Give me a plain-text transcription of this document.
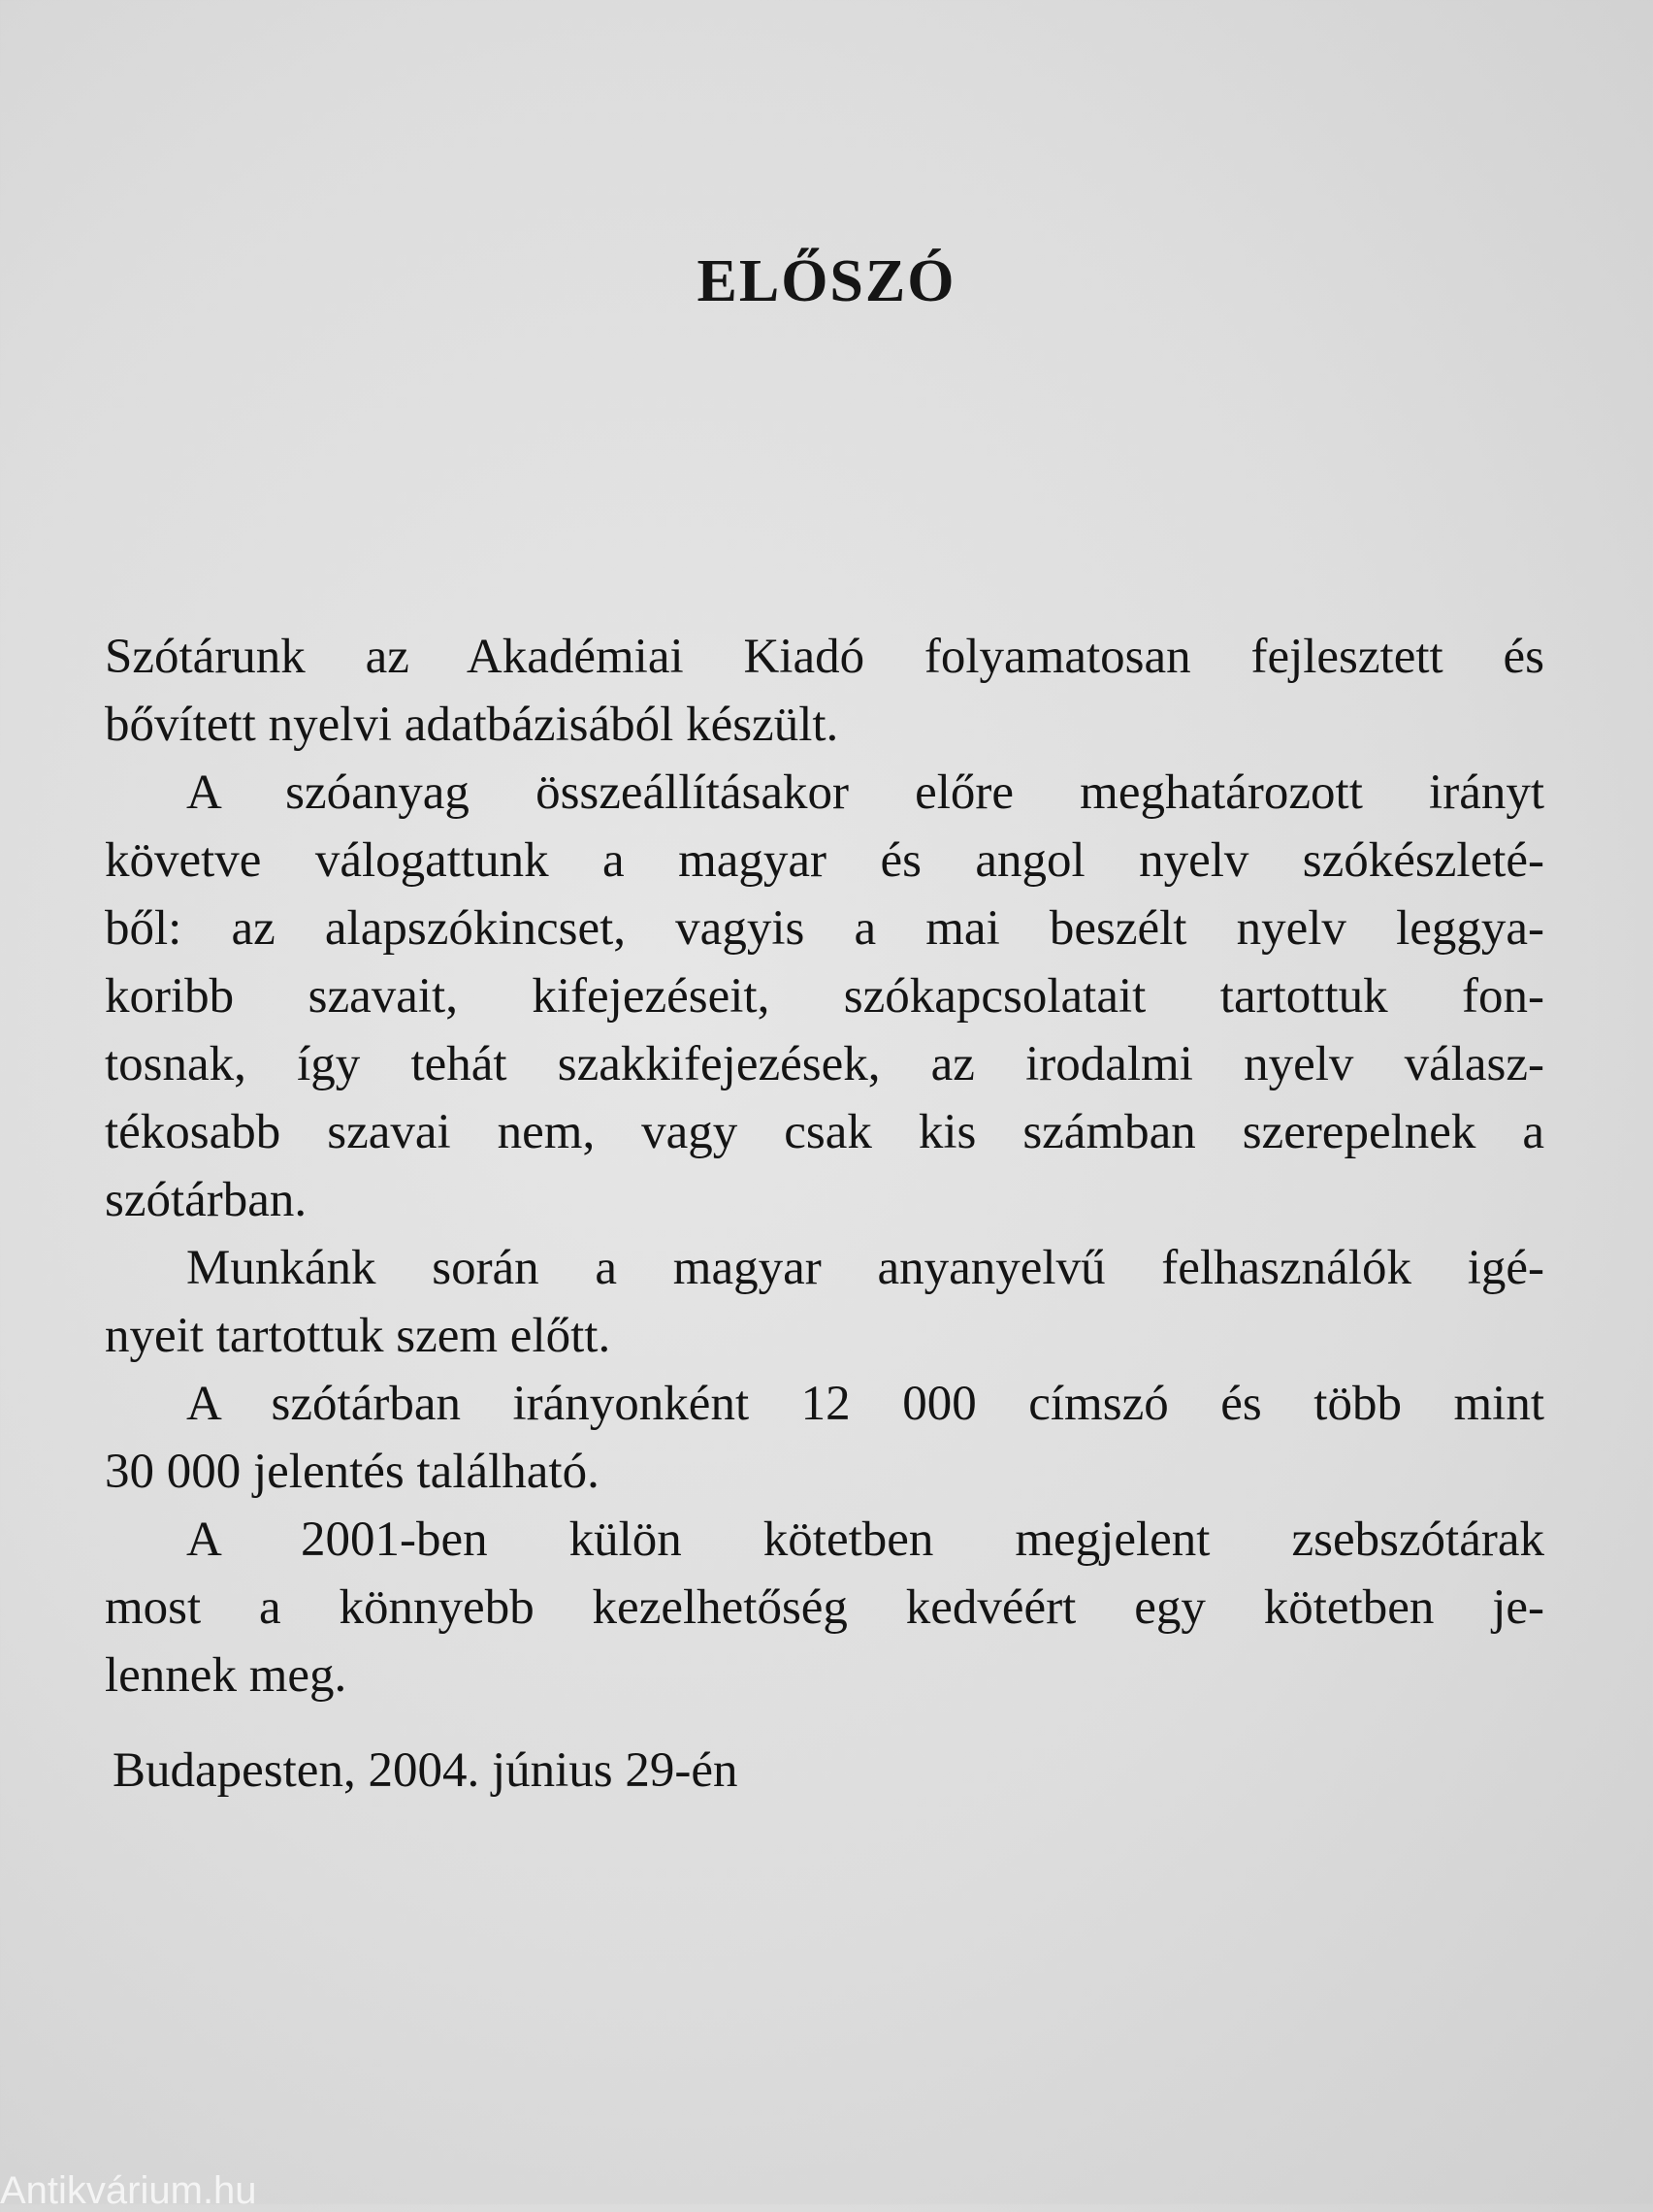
ELŐSZÓ

Szótárunk az Akadémiai Kiadó folyamatosan fejlesztett és
bővített nyelvi adatbázisából készült.

A szóanyag összeállításakor előre meghatározott irányt
követve válogattunk a magyar és angol nyelv szókészleté-
ből: az alapszókincset, vagyis a mai beszélt nyelv leggya-
koribb szavait, kifejezéseit, szókapcsolatait tartottuk fon-
tosnak, így tehát szakkifejezések, az irodalmi nyelv válasz-
tékosabb szavai nem, vagy csak kis számban szerepelnek a
szótárban.

Munkánk során a magyar anyanyelvű felhasználók igé-
nyeit tartottuk szem előtt.

A szótárban irányonként 12 000 címszó és több mint
30 000 jelentés található.

A 2001-ben külön kötetben megjelent zsebszótárak
most a könnyebb kezelhetőség kedvéért egy kötetben je-
lennek meg.

Budapesten, 2004. június 29-én
Antikvárium.hu
